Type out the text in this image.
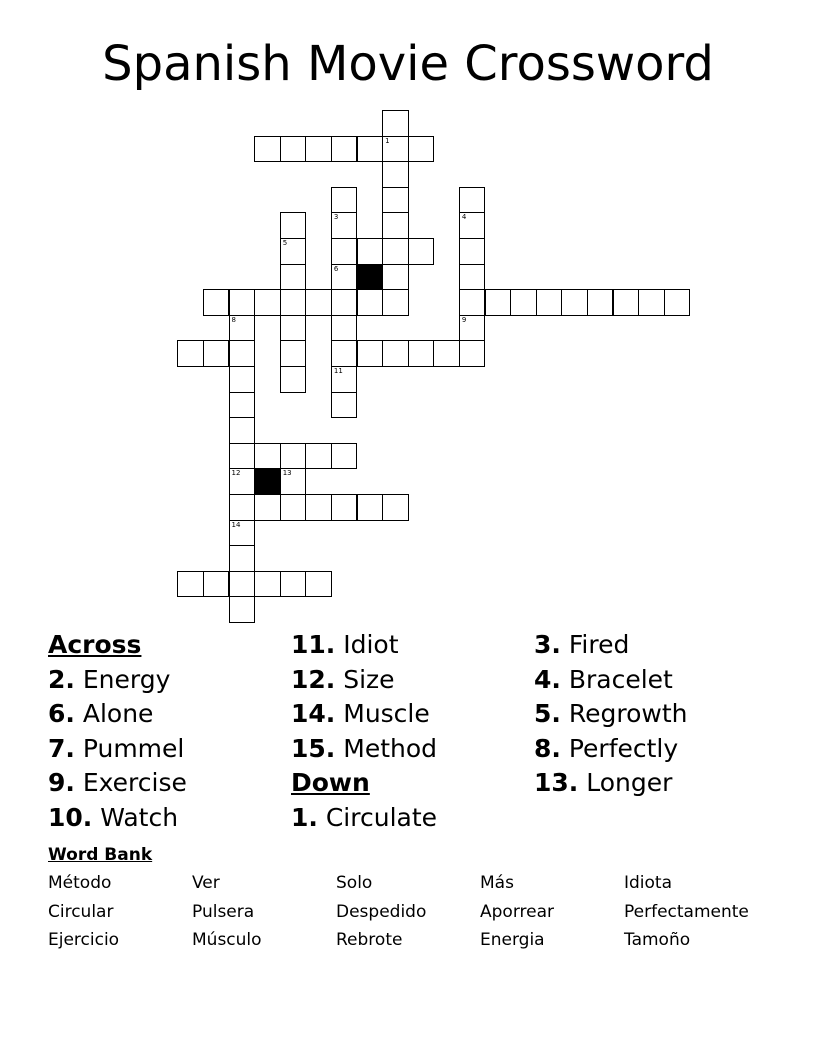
Spanish Movie Crossword
1
3	4
5
6
8	9
11
12	13
14
Across
2. Energy
6. Alone
7. Pummel
9. Exercise
10. Watch
11. Idiot
12. Size
14. Muscle
15. Method
Down
1. Circulate
3. Fired
4. Bracelet
5. Regrowth
8. Perfectly
13. Longer
Word Bank
Método	Ver	Solo	Más	Idiota
Circular	Pulsera	Despedido	Aporrear	Perfectamente
Ejercicio	Músculo	Rebrote	Energia	Tamoño
